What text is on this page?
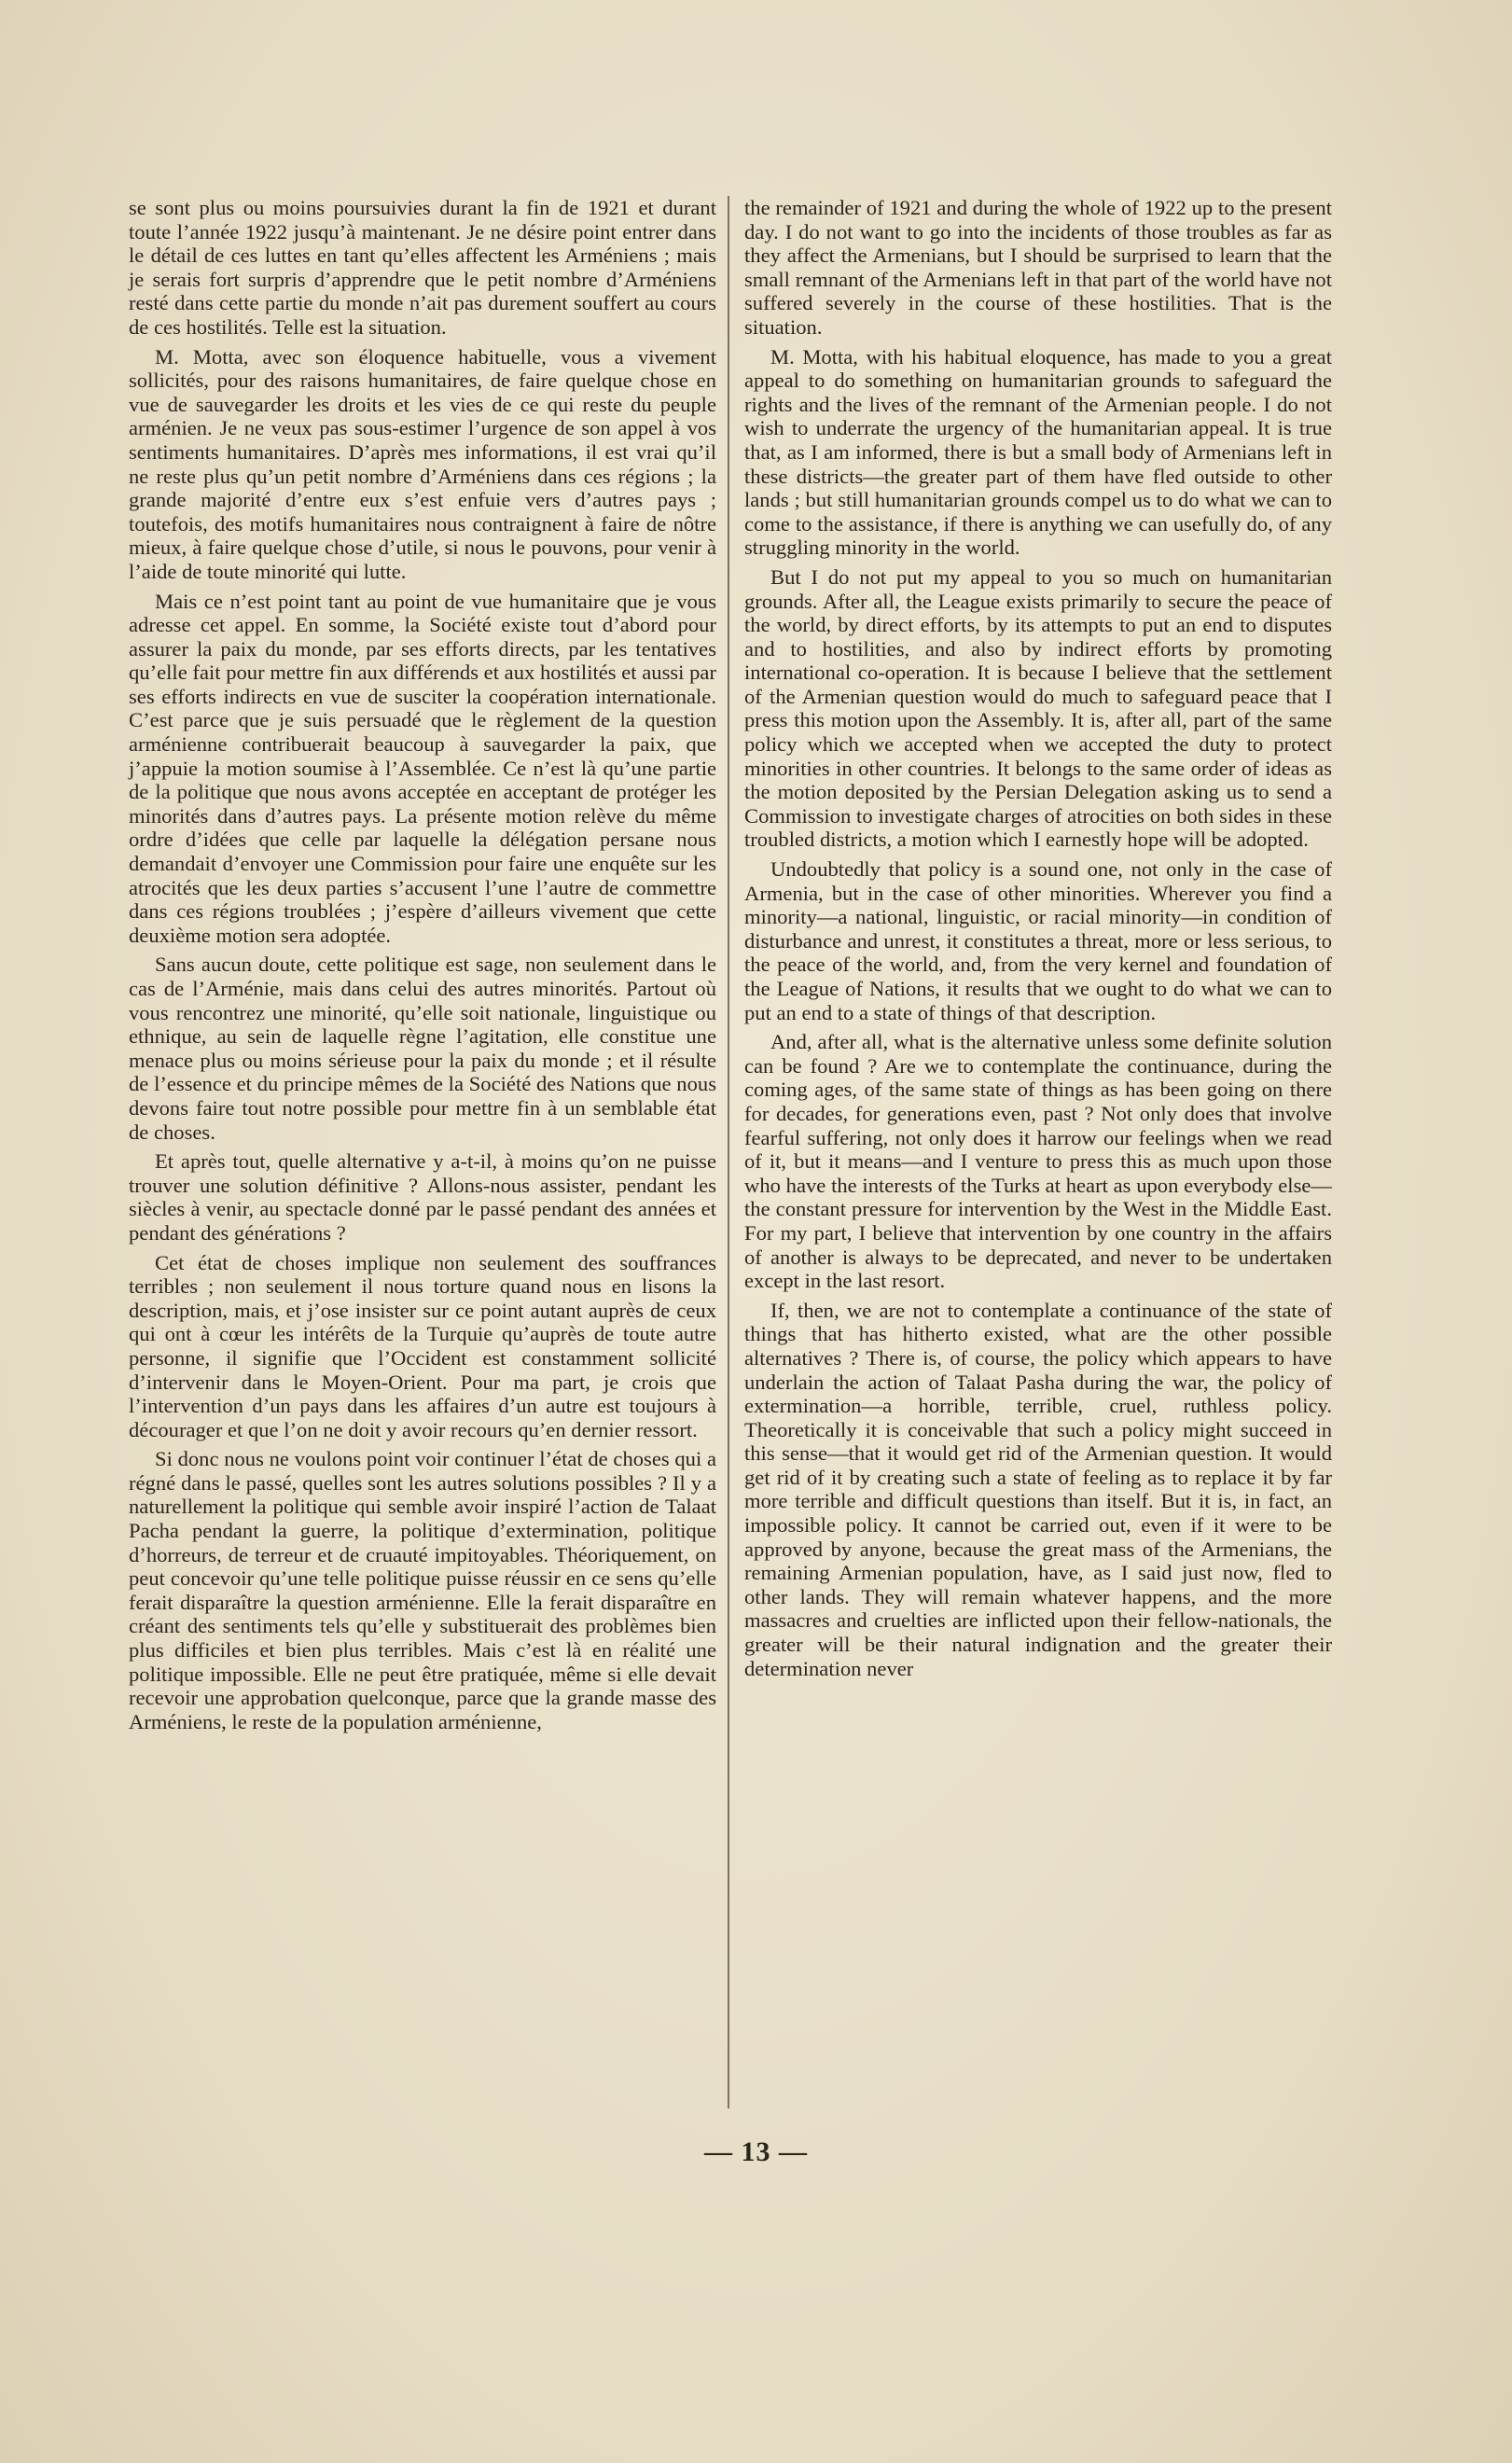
se sont plus ou moins poursuivies durant la fin de 1921 et durant toute l’année 1922 jusqu’à maintenant. Je ne désire point entrer dans le détail de ces luttes en tant qu’elles affectent les Arméniens ; mais je serais fort surpris d’apprendre que le petit nombre d’Arméniens resté dans cette partie du monde n’ait pas durement souffert au cours de ces hostilités. Telle est la situation.

M. Motta, avec son éloquence habituelle, vous a vivement sollicités, pour des raisons humanitaires, de faire quelque chose en vue de sauvegarder les droits et les vies de ce qui reste du peuple arménien. Je ne veux pas sous-estimer l’urgence de son appel à vos sentiments humanitaires. D’après mes informations, il est vrai qu’il ne reste plus qu’un petit nombre d’Arméniens dans ces régions ; la grande majorité d’entre eux s’est enfuie vers d’autres pays ; toutefois, des motifs humanitaires nous contraignent à faire de nôtre mieux, à faire quelque chose d’utile, si nous le pouvons, pour venir à l’aide de toute minorité qui lutte.

Mais ce n’est point tant au point de vue humanitaire que je vous adresse cet appel. En somme, la Société existe tout d’abord pour assurer la paix du monde, par ses efforts directs, par les tentatives qu’elle fait pour mettre fin aux différends et aux hostilités et aussi par ses efforts indirects en vue de susciter la coopération internationale. C’est parce que je suis persuadé que le règlement de la question arménienne contribuerait beaucoup à sauvegarder la paix, que j’appuie la motion soumise à l’Assemblée. Ce n’est là qu’une partie de la politique que nous avons acceptée en acceptant de protéger les minorités dans d’autres pays. La présente motion relève du même ordre d’idées que celle par laquelle la délégation persane nous demandait d’envoyer une Commission pour faire une enquête sur les atrocités que les deux parties s’accusent l’une l’autre de commettre dans ces régions troublées ; j’espère d’ailleurs vivement que cette deuxième motion sera adoptée.

Sans aucun doute, cette politique est sage, non seulement dans le cas de l’Arménie, mais dans celui des autres minorités. Partout où vous rencontrez une minorité, qu’elle soit nationale, linguistique ou ethnique, au sein de laquelle règne l’agitation, elle constitue une menace plus ou moins sérieuse pour la paix du monde ; et il résulte de l’essence et du principe mêmes de la Société des Nations que nous devons faire tout notre possible pour mettre fin à un semblable état de choses.

Et après tout, quelle alternative y a-t-il, à moins qu’on ne puisse trouver une solution définitive ? Allons-nous assister, pendant les siècles à venir, au spectacle donné par le passé pendant des années et pendant des générations ?

Cet état de choses implique non seulement des souffrances terribles ; non seulement il nous torture quand nous en lisons la description, mais, et j’ose insister sur ce point autant auprès de ceux qui ont à cœur les intérêts de la Turquie qu’auprès de toute autre personne, il signifie que l’Occident est constamment sollicité d’intervenir dans le Moyen-Orient. Pour ma part, je crois que l’intervention d’un pays dans les affaires d’un autre est toujours à décourager et que l’on ne doit y avoir recours qu’en dernier ressort.

Si donc nous ne voulons point voir continuer l’état de choses qui a régné dans le passé, quelles sont les autres solutions possibles ? Il y a naturellement la politique qui semble avoir inspiré l’action de Talaat Pacha pendant la guerre, la politique d’extermination, politique d’horreurs, de terreur et de cruauté impitoyables. Théoriquement, on peut concevoir qu’une telle politique puisse réussir en ce sens qu’elle ferait disparaître la question arménienne. Elle la ferait disparaître en créant des sentiments tels qu’elle y substituerait des problèmes bien plus difficiles et bien plus terribles. Mais c’est là en réalité une politique impossible. Elle ne peut être pratiquée, même si elle devait recevoir une approbation quelconque, parce que la grande masse des Arméniens, le reste de la population arménienne,

the remainder of 1921 and during the whole of 1922 up to the present day. I do not want to go into the incidents of those troubles as far as they affect the Armenians, but I should be surprised to learn that the small remnant of the Armenians left in that part of the world have not suffered severely in the course of these hostilities. That is the situation.

M. Motta, with his habitual eloquence, has made to you a great appeal to do something on humanitarian grounds to safeguard the rights and the lives of the remnant of the Armenian people. I do not wish to underrate the urgency of the humanitarian appeal. It is true that, as I am informed, there is but a small body of Armenians left in these districts—the greater part of them have fled outside to other lands ; but still humanitarian grounds compel us to do what we can to come to the assistance, if there is anything we can usefully do, of any struggling minority in the world.

But I do not put my appeal to you so much on humanitarian grounds. After all, the League exists primarily to secure the peace of the world, by direct efforts, by its attempts to put an end to disputes and to hostilities, and also by indirect efforts by promoting international co-operation. It is because I believe that the settlement of the Armenian question would do much to safeguard peace that I press this motion upon the Assembly. It is, after all, part of the same policy which we accepted when we accepted the duty to protect minorities in other countries. It belongs to the same order of ideas as the motion deposited by the Persian Delegation asking us to send a Commission to investigate charges of atrocities on both sides in these troubled districts, a motion which I earnestly hope will be adopted.

Undoubtedly that policy is a sound one, not only in the case of Armenia, but in the case of other minorities. Wherever you find a minority—a national, linguistic, or racial minority—in condition of disturbance and unrest, it constitutes a threat, more or less serious, to the peace of the world, and, from the very kernel and foundation of the League of Nations, it results that we ought to do what we can to put an end to a state of things of that description.

And, after all, what is the alternative unless some definite solution can be found ? Are we to contemplate the continuance, during the coming ages, of the same state of things as has been going on there for decades, for generations even, past ? Not only does that involve fearful suffering, not only does it harrow our feelings when we read of it, but it means—and I venture to press this as much upon those who have the interests of the Turks at heart as upon everybody else—the constant pressure for intervention by the West in the Middle East. For my part, I believe that intervention by one country in the affairs of another is always to be deprecated, and never to be undertaken except in the last resort.

If, then, we are not to contemplate a continuance of the state of things that has hitherto existed, what are the other possible alternatives ? There is, of course, the policy which appears to have underlain the action of Talaat Pasha during the war, the policy of extermination—a horrible, terrible, cruel, ruthless policy. Theoretically it is conceivable that such a policy might succeed in this sense—that it would get rid of the Armenian question. It would get rid of it by creating such a state of feeling as to replace it by far more terrible and difficult questions than itself. But it is, in fact, an impossible policy. It cannot be carried out, even if it were to be approved by anyone, because the great mass of the Armenians, the remaining Armenian population, have, as I said just now, fled to other lands. They will remain whatever happens, and the more massacres and cruelties are inflicted upon their fellow-nationals, the greater will be their natural indignation and the greater their determination never

— 13 —
